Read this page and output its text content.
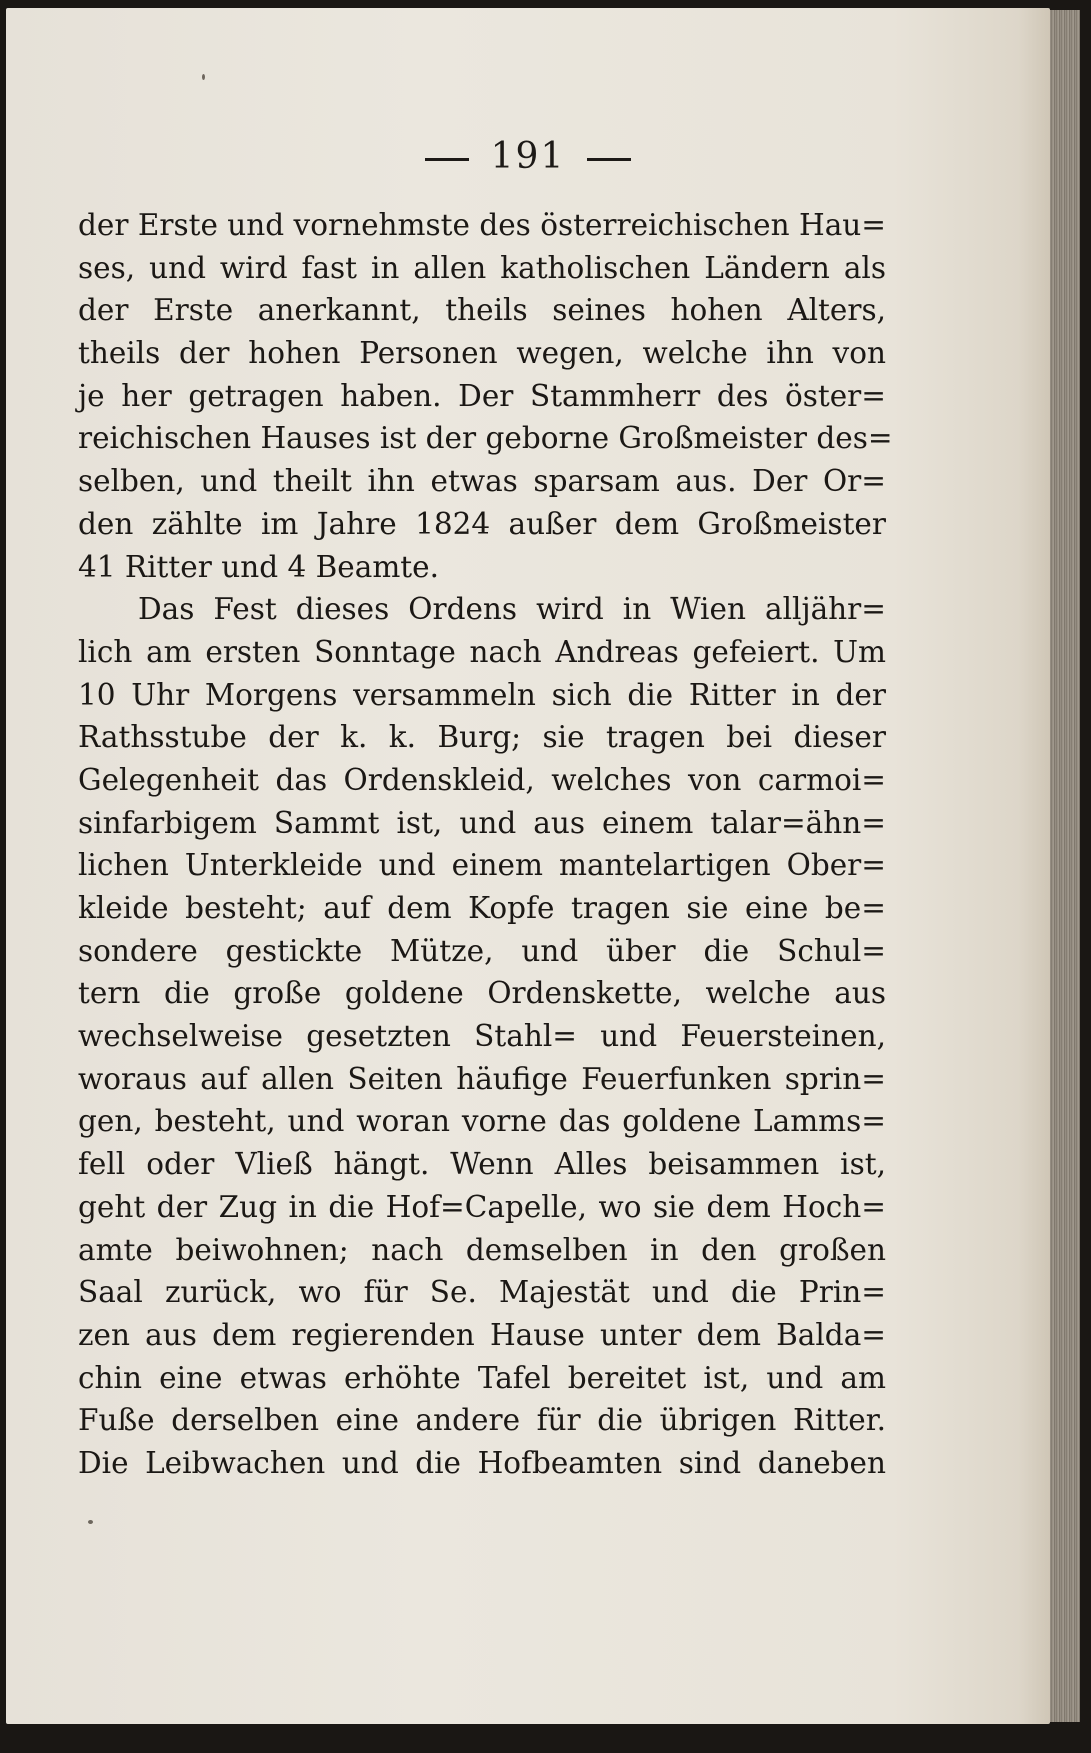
191
der Erste und vornehmste des österreichischen Hau=
ses, und wird fast in allen katholischen Ländern als
der Erste anerkannt, theils seines hohen Alters,
theils der hohen Personen wegen, welche ihn von
je her getragen haben. Der Stammherr des öster=
reichischen Hauses ist der geborne Großmeister des=
selben, und theilt ihn etwas sparsam aus. Der Or=
den zählte im Jahre 1824 außer dem Großmeister
41 Ritter und 4 Beamte.
Das Fest dieses Ordens wird in Wien alljähr=
lich am ersten Sonntage nach Andreas gefeiert. Um
10 Uhr Morgens versammeln sich die Ritter in der
Rathsstube der k. k. Burg; sie tragen bei dieser
Gelegenheit das Ordenskleid, welches von carmoi=
sinfarbigem Sammt ist, und aus einem talar=ähn=
lichen Unterkleide und einem mantelartigen Ober=
kleide besteht; auf dem Kopfe tragen sie eine be=
sondere gestickte Mütze, und über die Schul=
tern die große goldene Ordenskette, welche aus
wechselweise gesetzten Stahl= und Feuersteinen,
woraus auf allen Seiten häufige Feuerfunken sprin=
gen, besteht, und woran vorne das goldene Lamms=
fell oder Vließ hängt. Wenn Alles beisammen ist,
geht der Zug in die Hof=Capelle, wo sie dem Hoch=
amte beiwohnen; nach demselben in den großen
Saal zurück, wo für Se. Majestät und die Prin=
zen aus dem regierenden Hause unter dem Balda=
chin eine etwas erhöhte Tafel bereitet ist, und am
Fuße derselben eine andere für die übrigen Ritter.
Die Leibwachen und die Hofbeamten sind daneben
